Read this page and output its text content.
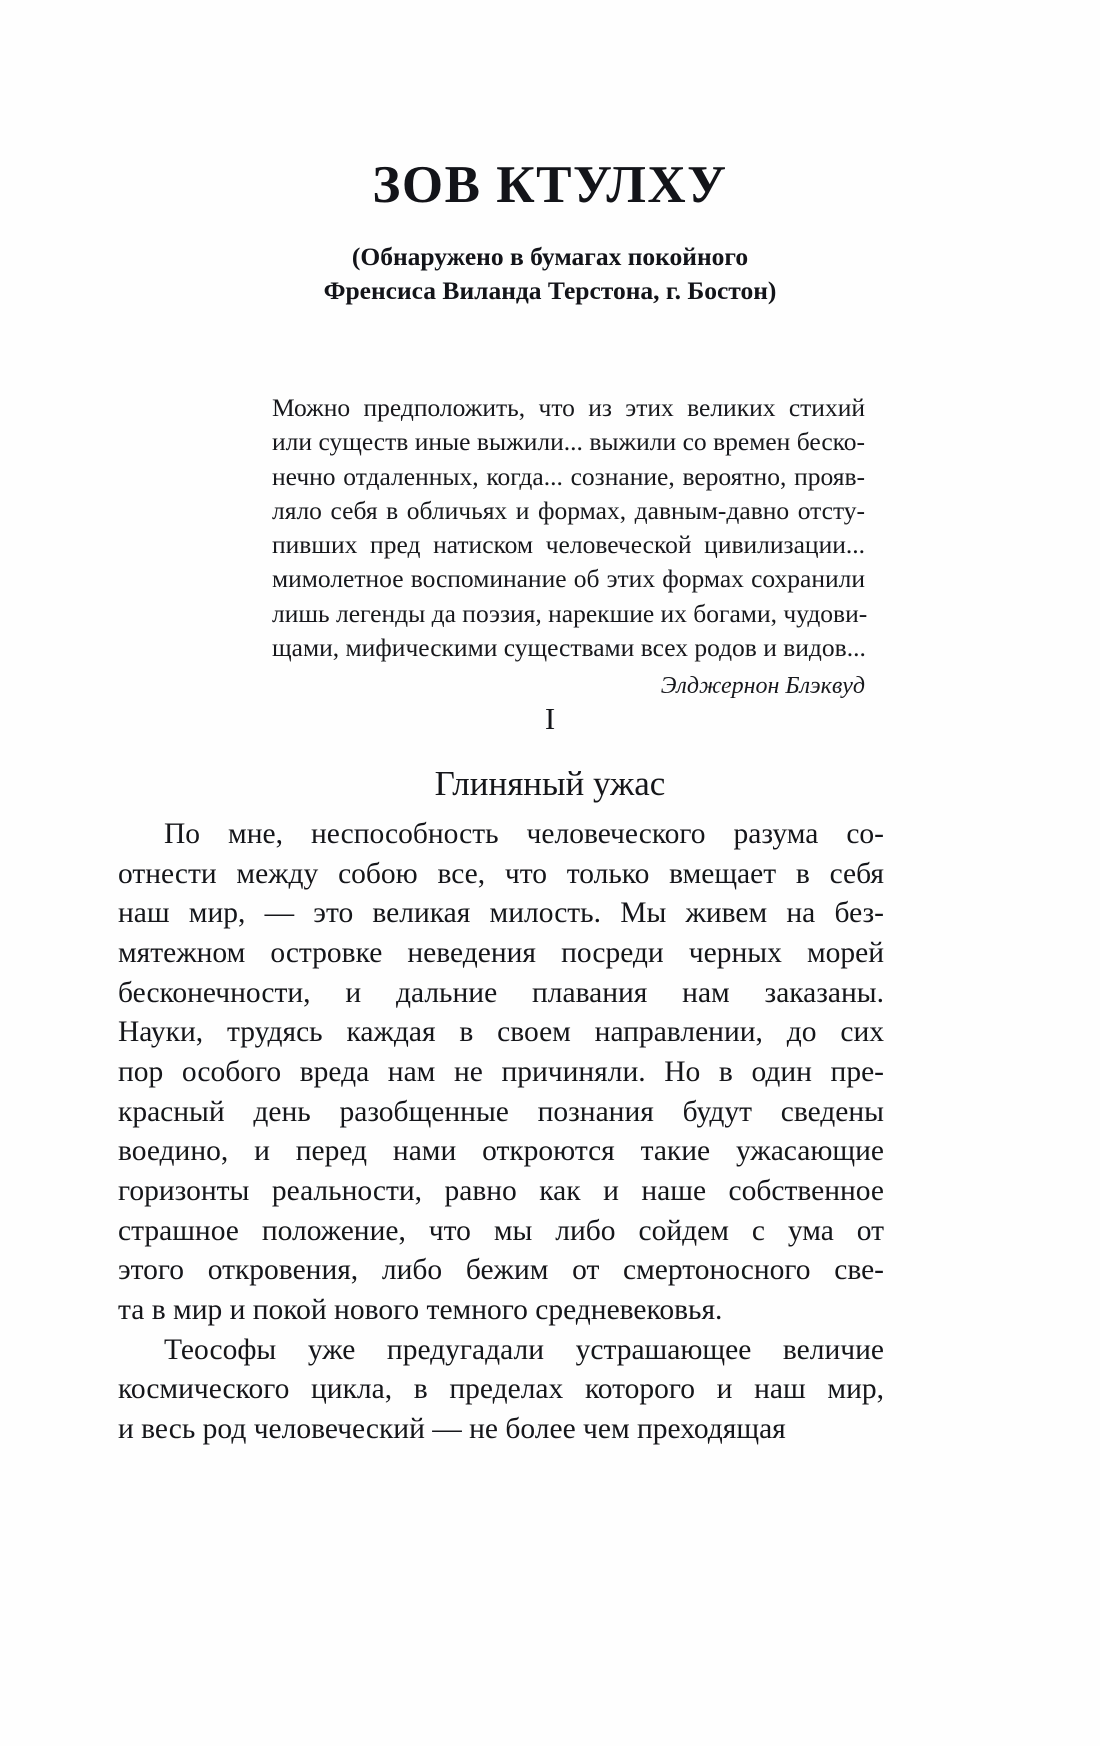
ЗОВ КТУЛХУ

(Обнаружено в бумагах покойного

Френсиса Виланда Терстона, г. Бостон)

Можно предположить, что из этих великих стихий
или существ иные выжили... выжили со времен беско-
нечно отдаленных, когда... сознание, вероятно, прояв-
ляло себя в обличьях и формах, давным-давно отсту-
пивших пред натиском человеческой цивилизации...
мимолетное воспоминание об этих формах сохранили
лишь легенды да поэзия, нарекшие их богами, чудови-
щами, мифическими существами всех родов и видов...

Элджернон Блэквуд

I

Глиняный ужас

По мне, неспособность человеческого разума со-
отнести между собою все, что только вмещает в себя
наш мир, — это великая милость. Мы живем на без-
мятежном островке неведения посреди черных морей
бесконечности, и дальние плавания нам заказаны.
Науки, трудясь каждая в своем направлении, до сих
пор особого вреда нам не причиняли. Но в один пре-
красный день разобщенные познания будут сведены
воедино, и перед нами откроются такие ужасающие
горизонты реальности, равно как и наше собственное
страшное положение, что мы либо сойдем с ума от
этого откровения, либо бежим от смертоносного све-
та в мир и покой нового темного средневековья.

Теософы уже предугадали устрашающее величие
космического цикла, в пределах которого и наш мир,
и весь род человеческий — не более чем преходящая
